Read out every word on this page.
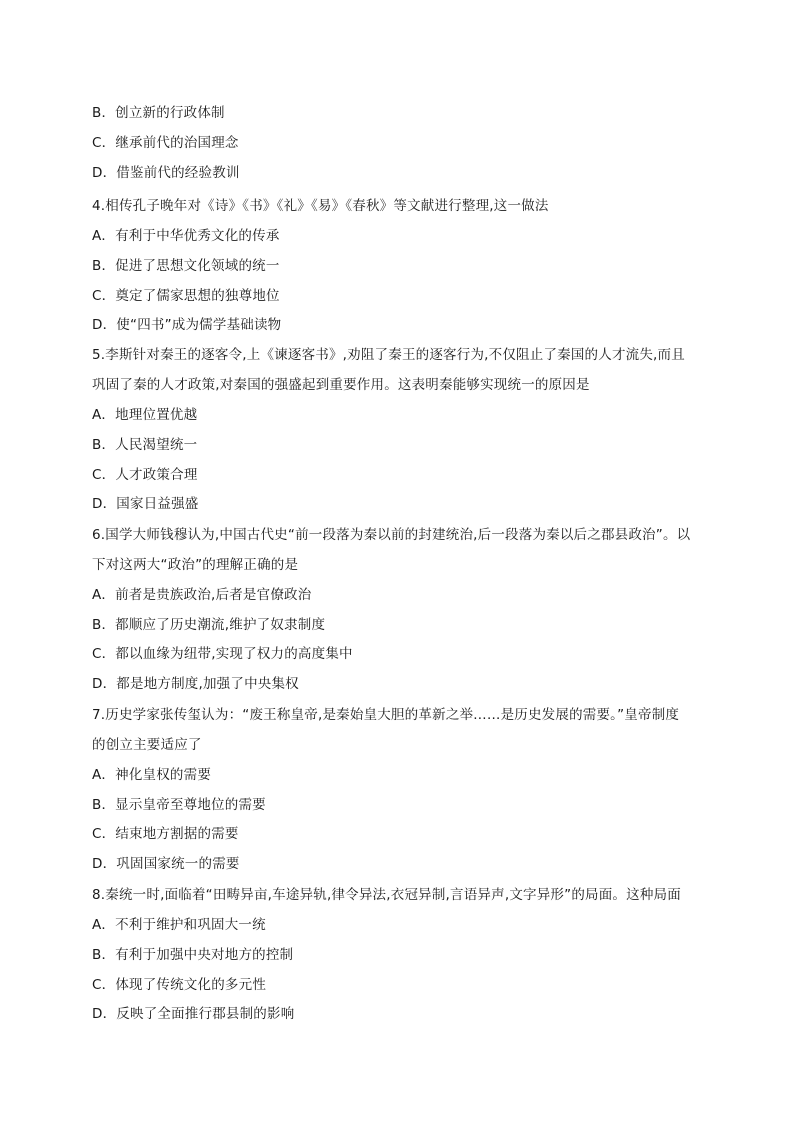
B．创立新的行政体制
C．继承前代的治国理念
D．借鉴前代的经验教训
4.相传孔子晚年对《诗》《书》《礼》《易》《春秋》等文献进行整理,这一做法
A．有利于中华优秀文化的传承
B．促进了思想文化领域的统一
C．奠定了儒家思想的独尊地位
D．使“四书”成为儒学基础读物
5.李斯针对秦王的逐客令,上《谏逐客书》,劝阻了秦王的逐客行为,不仅阻止了秦国的人才流失,而且
巩固了秦的人才政策,对秦国的强盛起到重要作用。这表明秦能够实现统一的原因是
A．地理位置优越
B．人民渴望统一
C．人才政策合理
D．国家日益强盛
6.国学大师钱穆认为,中国古代史“前一段落为秦以前的封建统治,后一段落为秦以后之郡县政治”。以
下对这两大“政治”的理解正确的是
A．前者是贵族政治,后者是官僚政治
B．都顺应了历史潮流,维护了奴隶制度
C．都以血缘为纽带,实现了权力的高度集中
D．都是地方制度,加强了中央集权
7.历史学家张传玺认为：“废王称皇帝,是秦始皇大胆的革新之举……是历史发展的需要。”皇帝制度
的创立主要适应了
A．神化皇权的需要
B．显示皇帝至尊地位的需要
C．结束地方割据的需要
D．巩固国家统一的需要
8.秦统一时,面临着“田畴异亩,车途异轨,律令异法,衣冠异制,言语异声,文字异形”的局面。这种局面
A．不利于维护和巩固大一统
B．有利于加强中央对地方的控制
C．体现了传统文化的多元性
D．反映了全面推行郡县制的影响
